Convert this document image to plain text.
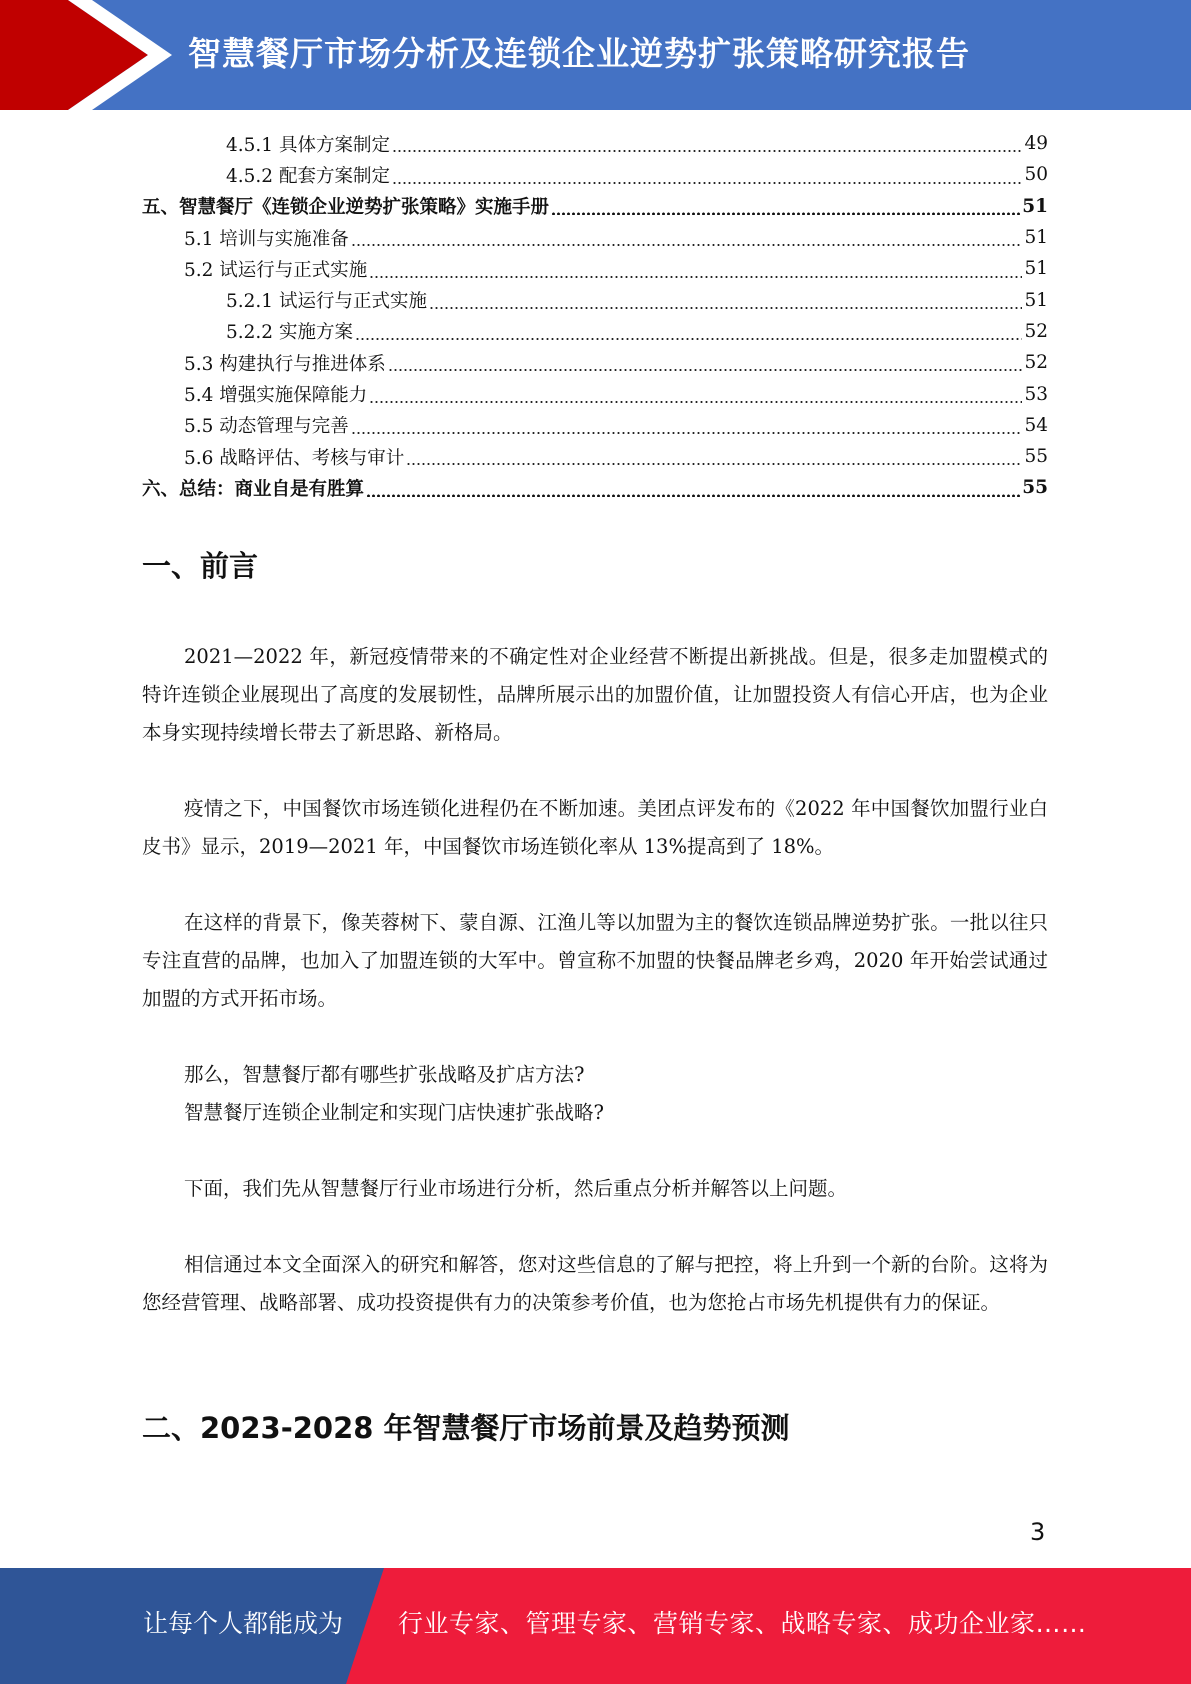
智慧餐厅市场分析及连锁企业逆势扩张策略研究报告
4.5.1 具体方案制定	49
4.5.2 配套方案制定	50
五、智慧餐厅《连锁企业逆势扩张策略》实施手册	51
5.1 培训与实施准备	51
5.2 试运行与正式实施	51
5.2.1 试运行与正式实施	51
5.2.2 实施方案	52
5.3 构建执行与推进体系	52
5.4 增强实施保障能力	53
5.5 动态管理与完善	54
5.6 战略评估、考核与审计	55
六、总结：商业自是有胜算	55
一、前言

2021—2022 年，新冠疫情带来的不确定性对企业经营不断提出新挑战。但是，很多走加盟模式的特许连锁企业展现出了高度的发展韧性，品牌所展示出的加盟价值，让加盟投资人有信心开店，也为企业本身实现持续增长带去了新思路、新格局。

疫情之下，中国餐饮市场连锁化进程仍在不断加速。美团点评发布的《2022 年中国餐饮加盟行业白皮书》显示，2019—2021 年，中国餐饮市场连锁化率从 13%提高到了 18%。

在这样的背景下，像芙蓉树下、蒙自源、江渔儿等以加盟为主的餐饮连锁品牌逆势扩张。一批以往只专注直营的品牌，也加入了加盟连锁的大军中。曾宣称不加盟的快餐品牌老乡鸡，2020 年开始尝试通过加盟的方式开拓市场。

那么，智慧餐厅都有哪些扩张战略及扩店方法?

智慧餐厅连锁企业制定和实现门店快速扩张战略?

下面，我们先从智慧餐厅行业市场进行分析，然后重点分析并解答以上问题。

相信通过本文全面深入的研究和解答，您对这些信息的了解与把控，将上升到一个新的台阶。这将为您经营管理、战略部署、成功投资提供有力的决策参考价值，也为您抢占市场先机提供有力的保证。

二、2023-2028 年智慧餐厅市场前景及趋势预测
3
让每个人都能成为 行业专家、管理专家、营销专家、战略专家、成功企业家……
